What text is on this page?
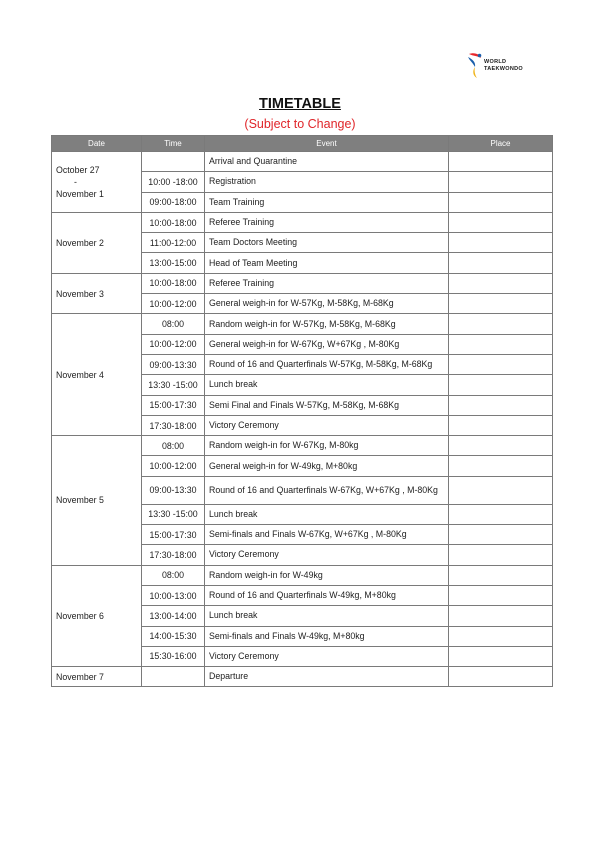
WORLD
TAEKWONDO
TIMETABLE
(Subject to Change)
Date	Time	Event	Place

October 27
-
November 1		Arrival and Quarantine	
	10:00 -18:00	Registration	
	09:00-18:00	Team Training	

November 2	10:00-18:00	Referee Training	
	11:00-12:00	Team Doctors Meeting	
	13:00-15:00	Head of Team Meeting	

November 3	10:00-18:00	Referee Training	
	10:00-12:00	General weigh-in for W-57Kg, M-58Kg, M-68Kg	

November 4	08:00	Random weigh-in for W-57Kg, M-58Kg, M-68Kg	
	10:00-12:00	General weigh-in for W-67Kg, W+67Kg , M-80Kg	
	09:00-13:30	Round of 16 and Quarterfinals W-57Kg, M-58Kg, M-68Kg	
	13:30 -15:00	Lunch break	
	15:00-17:30	Semi Final and Finals W-57Kg, M-58Kg, M-68Kg	
	17:30-18:00	Victory Ceremony	

November 5	08:00	Random weigh-in for W-67Kg, M-80kg	
	10:00-12:00	General weigh-in for W-49kg, M+80kg	
	09:00-13:30	Round of 16 and Quarterfinals W-67Kg, W+67Kg , M-80Kg	
	13:30 -15:00	Lunch break	
	15:00-17:30	Semi-finals and Finals W-67Kg, W+67Kg , M-80Kg	
	17:30-18:00	Victory Ceremony	

November 6	08:00	Random weigh-in for W-49kg	
	10:00-13:00	Round of 16 and Quarterfinals W-49kg, M+80kg	
	13:00-14:00	Lunch break	
	14:00-15:30	Semi-finals and Finals W-49kg, M+80kg	
	15:30-16:00	Victory Ceremony	

November 7		Departure	
